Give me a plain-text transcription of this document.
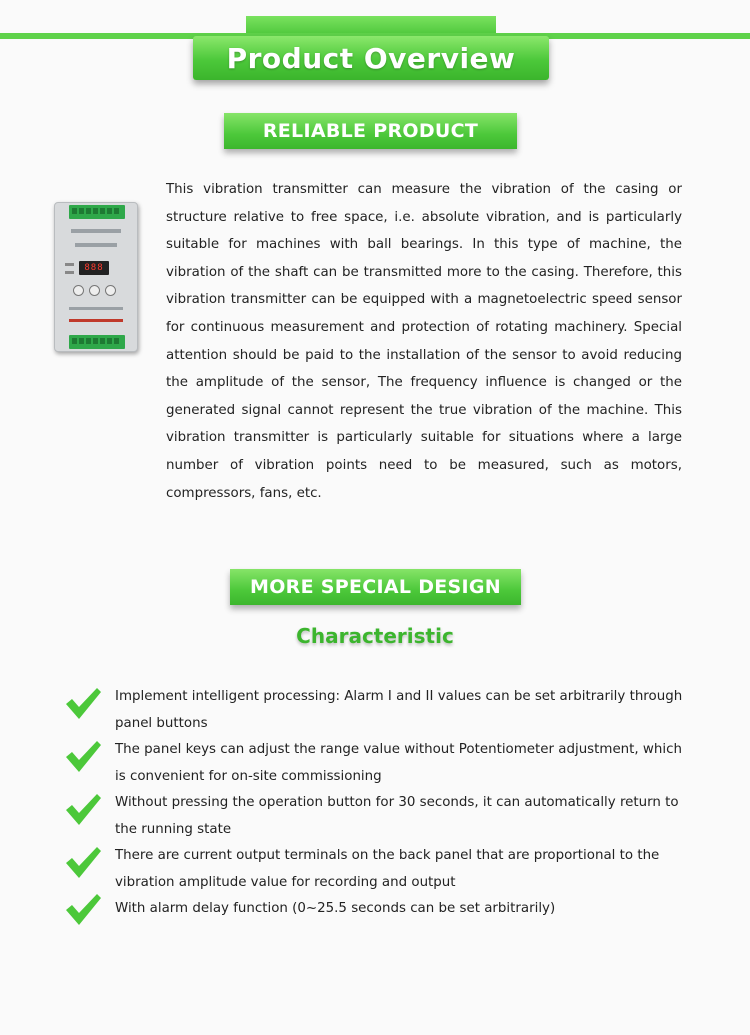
Product Overview
RELIABLE PRODUCT
888

This vibration transmitter can measure the vibration of the casing or structure relative to free space, i.e. absolute vibration, and is particularly suitable for machines with ball bearings. In this type of machine, the vibration of the shaft can be transmitted more to the casing. Therefore, this vibration transmitter can be equipped with a magnetoelectric speed sensor for continuous measurement and protection of rotating machinery. Special attention should be paid to the installation of the sensor to avoid reducing the amplitude of the sensor, The frequency influence is changed or the generated signal cannot represent the true vibration of the machine. This vibration transmitter is particularly suitable for situations where a large number of vibration points need to be measured, such as motors, compressors, fans, etc.

MORE SPECIAL DESIGN
Characteristic

Implement intelligent processing: Alarm I and II values can be set arbitrarily through panel buttons

The panel keys can adjust the range value without Potentiometer adjustment, which is convenient for on-site commissioning

Without pressing the operation button for 30 seconds, it can automatically return to the running state

There are current output terminals on the back panel that are proportional to the vibration amplitude value for recording and output

With alarm delay function (0~25.5 seconds can be set arbitrarily)
